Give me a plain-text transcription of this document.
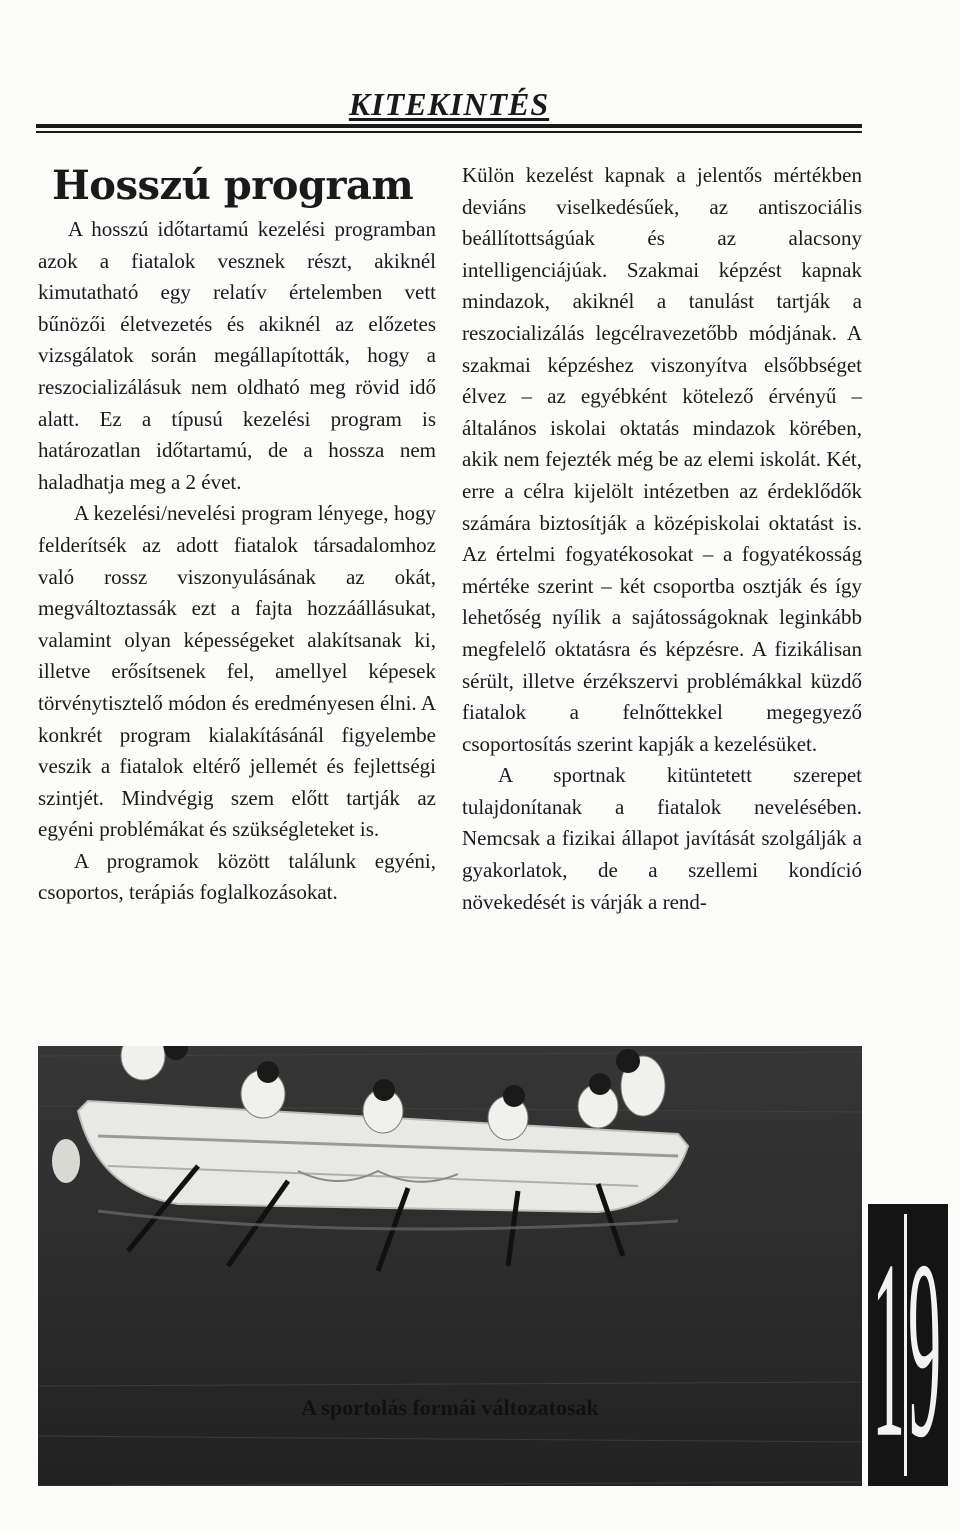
KITEKINTÉS
Hosszú program

A hosszú időtartamú kezelési programban azok a fiatalok vesznek részt, akiknél kimutatható egy relatív értelemben vett bűnözői életvezetés és akiknél az előzetes vizsgálatok során megállapították, hogy a reszocializálásuk nem oldható meg rövid idő alatt. Ez a típusú kezelési program is határozatlan időtartamú, de a hossza nem haladhatja meg a 2 évet.

A kezelési/nevelési program lényege, hogy felderítsék az adott fiatalok társadalomhoz való rossz viszonyulásának az okát, megváltoztassák ezt a fajta hozzáállásukat, valamint olyan képességeket alakítsanak ki, illetve erősítsenek fel, amellyel képesek törvénytisztelő módon és eredményesen élni. A konkrét program kialakításánál figyelembe veszik a fiatalok eltérő jellemét és fejlettségi szintjét. Mindvégig szem előtt tartják az egyéni problémákat és szükségleteket is.

A programok között találunk egyéni, csoportos, terápiás foglalkozásokat.

Külön kezelést kapnak a jelentős mértékben deviáns viselkedésűek, az antiszociális beállítottságúak és az alacsony intelligenciájúak. Szakmai képzést kapnak mindazok, akiknél a tanulást tartják a reszocializálás legcélravezetőbb módjának. A szakmai képzéshez viszonyítva elsőbbséget élvez – az egyébként kötelező érvényű – általános iskolai oktatás mindazok körében, akik nem fejezték még be az elemi iskolát. Két, erre a célra kijelölt intézetben az érdeklődők számára biztosítják a középiskolai oktatást is. Az értelmi fogyatékosokat – a fogyatékosság mértéke szerint – két csoportba osztják és így lehetőség nyílik a sajátosságoknak leginkább megfelelő oktatásra és képzésre. A fizikálisan sérült, illetve érzékszervi problémákkal küzdő fiatalok a felnőttekkel megegyező csoportosítás szerint kapják a kezelésüket.

A sportnak kitüntetett szerepet tulajdonítanak a fiatalok nevelésében. Nemcsak a fizikai állapot javítását szolgálják a gyakorlatok, de a szellemi kondíció növekedését is várják a rend-

A sportolás formái változatosak	1 9
